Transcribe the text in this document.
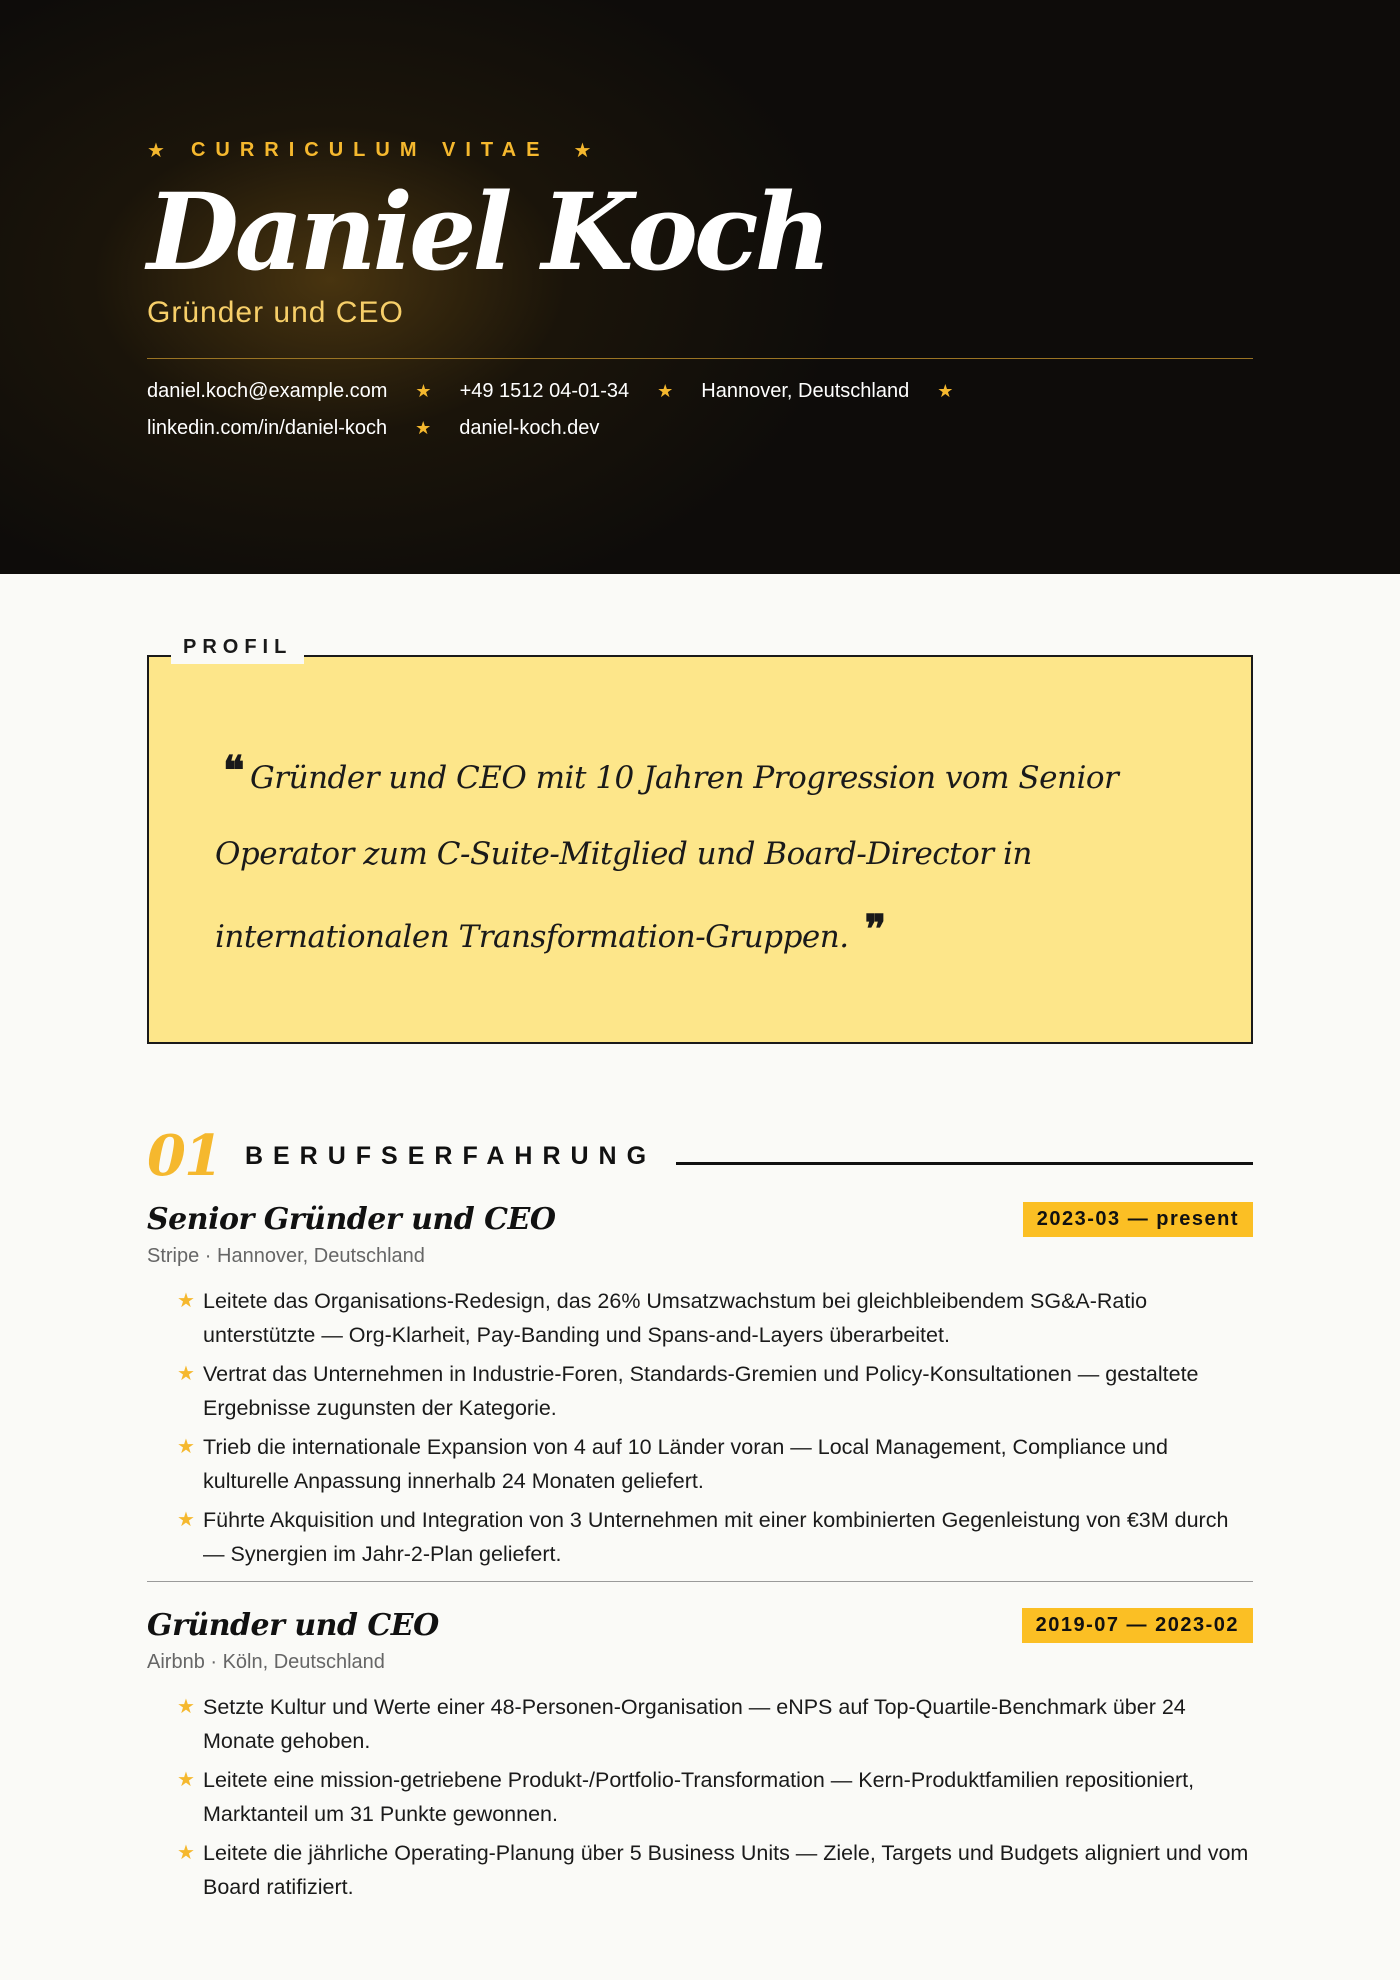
★ CURRICULUM VITAE ★
Daniel Koch
Gründer und CEO
daniel.koch@example.com ★ +49 1512 04-01-34 ★ Hannover, Deutschland ★
linkedin.com/in/daniel-koch ★ daniel-koch.dev
PROFIL
❝ Gründer und CEO mit 10 Jahren Progression vom Senior Operator zum C-Suite-Mitglied und Board-Director in internationalen Transformation-Gruppen. ❞
01 BERUFSERFAHRUNG
Senior Gründer und CEO	2023-03 — present
Stripe · Hannover, Deutschland
★ Leitete das Organisations-Redesign, das 26% Umsatzwachstum bei gleichbleibendem SG&A-Ratio unterstützte — Org-Klarheit, Pay-Banding und Spans-and-Layers überarbeitet.
★ Vertrat das Unternehmen in Industrie-Foren, Standards-Gremien und Policy-Konsultationen — gestaltete Ergebnisse zugunsten der Kategorie.
★ Trieb die internationale Expansion von 4 auf 10 Länder voran — Local Management, Compliance und kulturelle Anpassung innerhalb 24 Monaten geliefert.
★ Führte Akquisition und Integration von 3 Unternehmen mit einer kombinierten Gegenleistung von €3M durch — Synergien im Jahr-2-Plan geliefert.
Gründer und CEO	2019-07 — 2023-02
Airbnb · Köln, Deutschland
★ Setzte Kultur und Werte einer 48-Personen-Organisation — eNPS auf Top-Quartile-Benchmark über 24 Monate gehoben.
★ Leitete eine mission-getriebene Produkt-/Portfolio-Transformation — Kern-Produktfamilien repositioniert, Marktanteil um 31 Punkte gewonnen.
★ Leitete die jährliche Operating-Planung über 5 Business Units — Ziele, Targets und Budgets aligniert und vom Board ratifiziert.
